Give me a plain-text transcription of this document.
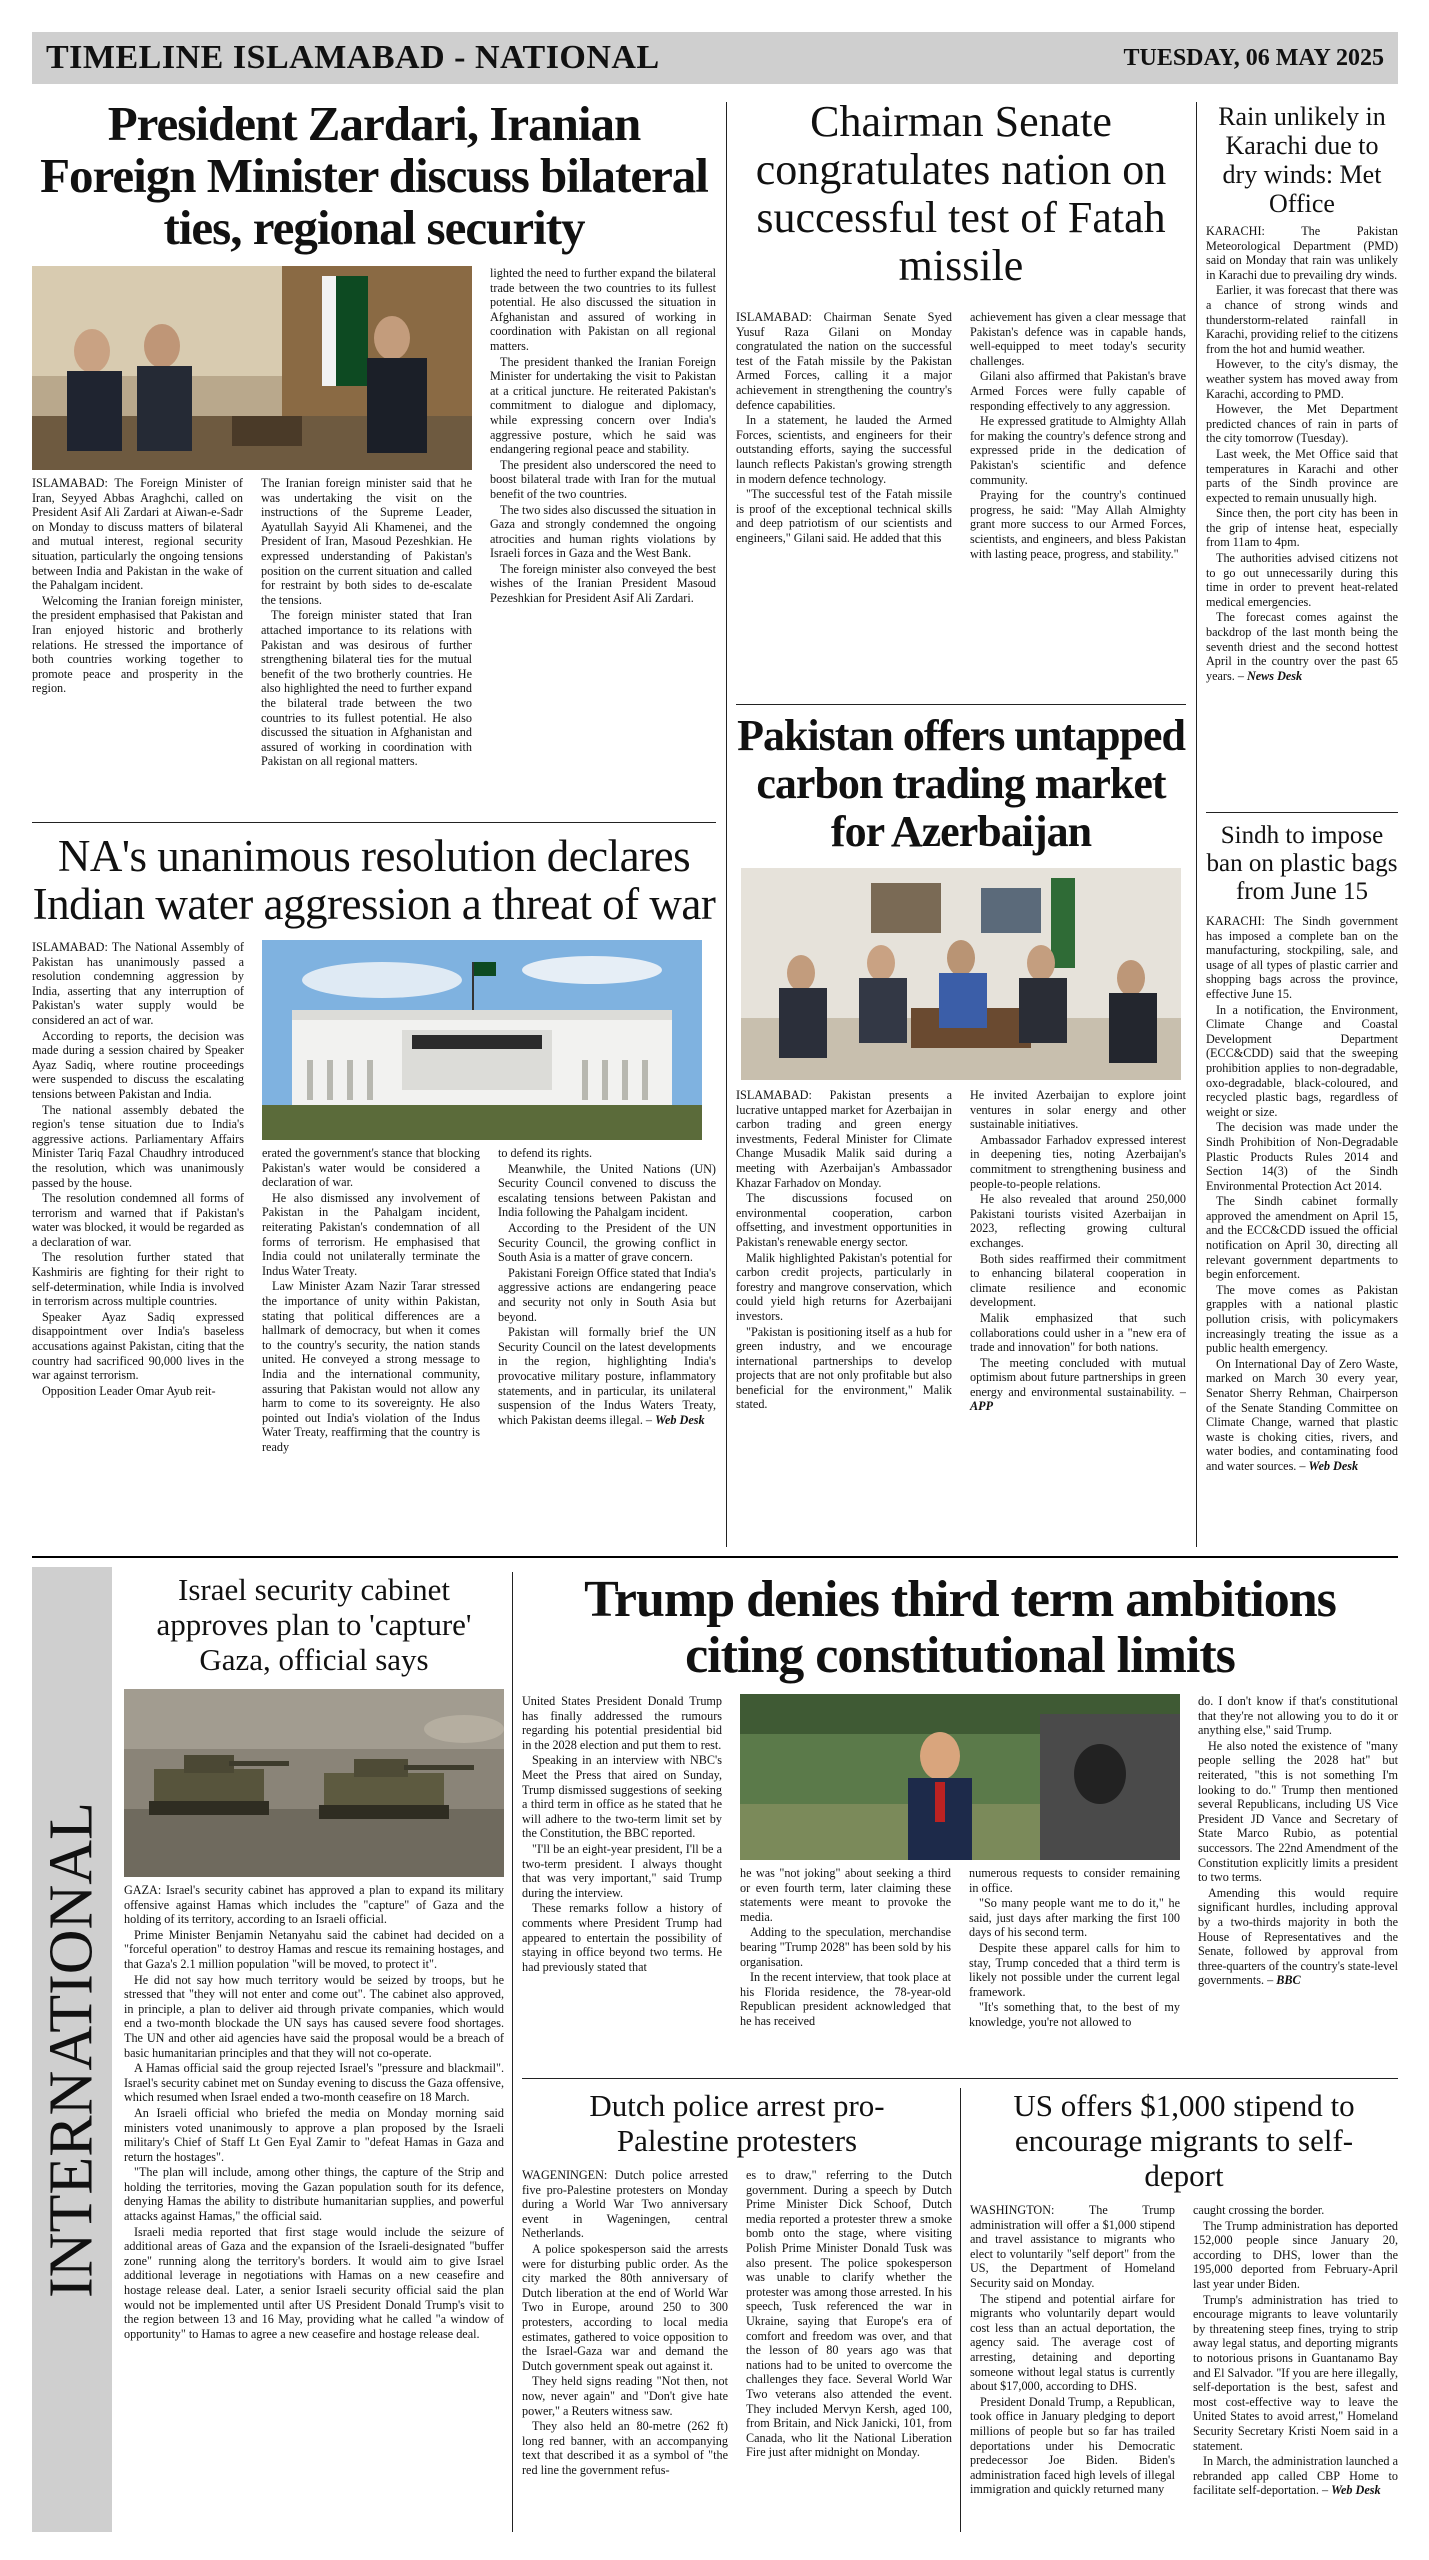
TIMELINE ISLAMABAD - NATIONAL	TUESDAY, 06 MAY 2025
President Zardari, Iranian Foreign Minister discuss bilateral ties, regional security

ISLAMABAD: The Foreign Minister of Iran, Seyyed Abbas Araghchi, called on President Asif Ali Zardari at Aiwan-e-Sadr on Monday to discuss matters of bilateral and mutual interest, regional security situation, particularly the ongoing tensions between India and Pakistan in the wake of the Pahalgam incident.

Welcoming the Iranian foreign minister, the president emphasised that Pakistan and Iran enjoyed historic and brotherly relations. He stressed the importance of both countries working together to promote peace and prosperity in the region.

The Iranian foreign minister said that he was undertaking the visit on the instructions of the Supreme Leader, Ayatullah Sayyid Ali Khamenei, and the President of Iran, Masoud Pezeshkian. He expressed understanding of Pakistan's position on the current situation and called for restraint by both sides to de-escalate the tensions.

The foreign minister stated that Iran attached importance to its relations with Pakistan and was desirous of further strengthening bilateral ties for the mutual benefit of the two brotherly countries. He also highlighted the need to further expand the bilateral trade between the two countries to its fullest potential. He also discussed the situation in Afghanistan and assured of working in coordination with Pakistan on all regional matters.

lighted the need to further expand the bilateral trade between the two countries to its fullest potential. He also discussed the situation in Afghanistan and assured of working in coordination with Pakistan on all regional matters.

The president thanked the Iranian Foreign Minister for undertaking the visit to Pakistan at a critical juncture. He reiterated Pakistan's commitment to dialogue and diplomacy, while expressing concern over India's aggressive posture, which he said was endangering regional peace and stability.

The president also underscored the need to boost bilateral trade with Iran for the mutual benefit of the two countries.

The two sides also discussed the situation in Gaza and strongly condemned the ongoing atrocities and human rights violations by Israeli forces in Gaza and the West Bank.

The foreign minister also conveyed the best wishes of the Iranian President Masoud Pezeshkian for President Asif Ali Zardari.

Chairman Senate congratulates nation on successful test of Fatah missile

ISLAMABAD: Chairman Senate Syed Yusuf Raza Gilani on Monday congratulated the nation on the successful test of the Fatah missile by the Pakistan Armed Forces, calling it a major achievement in strengthening the country's defence capabilities.

In a statement, he lauded the Armed Forces, scientists, and engineers for their outstanding efforts, saying the successful launch reflects Pakistan's growing strength in modern defence technology.

"The successful test of the Fatah missile is proof of the exceptional technical skills and deep patriotism of our scientists and engineers," Gilani said. He added that this

achievement has given a clear message that Pakistan's defence was in capable hands, well-equipped to meet today's security challenges.

Gilani also affirmed that Pakistan's brave Armed Forces were fully capable of responding effectively to any aggression.

He expressed gratitude to Almighty Allah for making the country's defence strong and expressed pride in the dedication of Pakistan's scientific and defence community.

Praying for the country's continued progress, he said: "May Allah Almighty grant more success to our Armed Forces, scientists, and engineers, and bless Pakistan with lasting peace, progress, and stability."

Rain unlikely in Karachi due to dry winds: Met Office

KARACHI: The Pakistan Meteorological Department (PMD) said on Monday that rain was unlikely in Karachi due to prevailing dry winds.

Earlier, it was forecast that there was a chance of strong winds and thunderstorm-related rainfall in Karachi, providing relief to the citizens from the hot and humid weather.

However, to the city's dismay, the weather system has moved away from Karachi, according to PMD.

However, the Met Department predicted chances of rain in parts of the city tomorrow (Tuesday).

Last week, the Met Office said that temperatures in Karachi and other parts of the Sindh province are expected to remain unusually high.

Since then, the port city has been in the grip of intense heat, especially from 11am to 4pm.

The authorities advised citizens not to go out unnecessarily during this time in order to prevent heat-related medical emergencies.

The forecast comes against the backdrop of the last month being the seventh driest and the second hottest April in the country over the past 65 years. – News Desk

Sindh to impose ban on plastic bags from June 15

KARACHI: The Sindh government has imposed a complete ban on the manufacturing, stockpiling, sale, and usage of all types of plastic carrier and shopping bags across the province, effective June 15.

In a notification, the Environment, Climate Change and Coastal Development Department (ECC&CDD) said that the sweeping prohibition applies to non-degradable, oxo-degradable, black-coloured, and recycled plastic bags, regardless of weight or size.

The decision was made under the Sindh Prohibition of Non-Degradable Plastic Products Rules 2014 and Section 14(3) of the Sindh Environmental Protection Act 2014.

The Sindh cabinet formally approved the amendment on April 15, and the ECC&CDD issued the official notification on April 30, directing all relevant government departments to begin enforcement.

The move comes as Pakistan grapples with a national plastic pollution crisis, with policymakers increasingly treating the issue as a public health emergency.

On International Day of Zero Waste, marked on March 30 every year, Senator Sherry Rehman, Chairperson of the Senate Standing Committee on Climate Change, warned that plastic waste is choking cities, rivers, and water bodies, and contaminating food and water sources. – Web Desk

Pakistan offers untapped carbon trading market for Azerbaijan

ISLAMABAD: Pakistan presents a lucrative untapped market for Azerbaijan in carbon trading and green energy investments, Federal Minister for Climate Change Musadik Malik said during a meeting with Azerbaijan's Ambassador Khazar Farhadov on Monday.

The discussions focused on environmental cooperation, carbon offsetting, and investment opportunities in Pakistan's renewable energy sector.

Malik highlighted Pakistan's potential for carbon credit projects, particularly in forestry and mangrove conservation, which could yield high returns for Azerbaijani investors.

"Pakistan is positioning itself as a hub for green industry, and we encourage international partnerships to develop projects that are not only profitable but also beneficial for the environment," Malik stated.

He invited Azerbaijan to explore joint ventures in solar energy and other sustainable initiatives.

Ambassador Farhadov expressed interest in deepening ties, noting Azerbaijan's commitment to strengthening business and people-to-people relations.

He also revealed that around 250,000 Pakistani tourists visited Azerbaijan in 2023, reflecting growing cultural exchanges.

Both sides reaffirmed their commitment to enhancing bilateral cooperation in climate resilience and economic development.

Malik emphasized that such collaborations could usher in a "new era of trade and innovation" for both nations.

The meeting concluded with mutual optimism about future partnerships in green energy and environmental sustainability. – APP

NA's unanimous resolution declares Indian water aggression a threat of war

ISLAMABAD: The National Assembly of Pakistan has unanimously passed a resolution condemning aggression by India, asserting that any interruption of Pakistan's water supply would be considered an act of war.

According to reports, the decision was made during a session chaired by Speaker Ayaz Sadiq, where routine proceedings were suspended to discuss the escalating tensions between Pakistan and India.

The national assembly debated the region's tense situation due to India's aggressive actions. Parliamentary Affairs Minister Tariq Fazal Chaudhry introduced the resolution, which was unanimously passed by the house.

The resolution condemned all forms of terrorism and warned that if Pakistan's water was blocked, it would be regarded as a declaration of war.

The resolution further stated that Kashmiris are fighting for their right to self-determination, while India is involved in terrorism across multiple countries.

Speaker Ayaz Sadiq expressed disappointment over India's baseless accusations against Pakistan, citing that the country had sacrificed 90,000 lives in the war against terrorism.

Opposition Leader Omar Ayub reit-

erated the government's stance that blocking Pakistan's water would be considered a declaration of war.

He also dismissed any involvement of Pakistan in the Pahalgam incident, reiterating Pakistan's condemnation of all forms of terrorism. He emphasised that India could not unilaterally terminate the Indus Water Treaty.

Law Minister Azam Nazir Tarar stressed the importance of unity within Pakistan, stating that political differences are a hallmark of democracy, but when it comes to the country's security, the nation stands united. He conveyed a strong message to India and the international community, assuring that Pakistan would not allow any harm to come to its sovereignty. He also pointed out India's violation of the Indus Water Treaty, reaffirming that the country is ready

to defend its rights.

Meanwhile, the United Nations (UN) Security Council convened to discuss the escalating tensions between Pakistan and India following the Pahalgam incident.

According to the President of the UN Security Council, the growing conflict in South Asia is a matter of grave concern.

Pakistani Foreign Office stated that India's aggressive actions are endangering peace and security not only in South Asia but beyond.

Pakistan will formally brief the UN Security Council on the latest developments in the region, highlighting India's provocative military posture, inflammatory statements, and in particular, its unilateral suspension of the Indus Waters Treaty, which Pakistan deems illegal. – Web Desk

INTERNATIONAL
Israel security cabinet approves plan to 'capture' Gaza, official says

GAZA: Israel's security cabinet has approved a plan to expand its military offensive against Hamas which includes the "capture" of Gaza and the holding of its territory, according to an Israeli official.

Prime Minister Benjamin Netanyahu said the cabinet had decided on a "forceful operation" to destroy Hamas and rescue its remaining hostages, and that Gaza's 2.1 million population "will be moved, to protect it".

He did not say how much territory would be seized by troops, but he stressed that "they will not enter and come out". The cabinet also approved, in principle, a plan to deliver aid through private companies, which would end a two-month blockade the UN says has caused severe food shortages. The UN and other aid agencies have said the proposal would be a breach of basic humanitarian principles and that they will not co-operate.

A Hamas official said the group rejected Israel's "pressure and blackmail". Israel's security cabinet met on Sunday evening to discuss the Gaza offensive, which resumed when Israel ended a two-month ceasefire on 18 March.

An Israeli official who briefed the media on Monday morning said ministers voted unanimously to approve a plan proposed by the Israeli military's Chief of Staff Lt Gen Eyal Zamir to "defeat Hamas in Gaza and return the hostages".

"The plan will include, among other things, the capture of the Strip and holding the territories, moving the Gazan population south for its defence, denying Hamas the ability to distribute humanitarian supplies, and powerful attacks against Hamas," the official said.

Israeli media reported that first stage would include the seizure of additional areas of Gaza and the expansion of the Israeli-designated "buffer zone" running along the territory's borders. It would aim to give Israel additional leverage in negotiations with Hamas on a new ceasefire and hostage release deal. Later, a senior Israeli security official said the plan would not be implemented until after US President Donald Trump's visit to the region between 13 and 16 May, providing what he called "a window of opportunity" to Hamas to agree a new ceasefire and hostage release deal.

Trump denies third term ambitions citing constitutional limits

United States President Donald Trump has finally addressed the rumours regarding his potential presidential bid in the 2028 election and put them to rest.

Speaking in an interview with NBC's Meet the Press that aired on Sunday, Trump dismissed suggestions of seeking a third term in office as he stated that he will adhere to the two-term limit set by the Constitution, the BBC reported.

"I'll be an eight-year president, I'll be a two-term president. I always thought that was very important," said Trump during the interview.

These remarks follow a history of comments where President Trump had appeared to entertain the possibility of staying in office beyond two terms. He had previously stated that

he was "not joking" about seeking a third or even fourth term, later claiming these statements were meant to provoke the media.

Adding to the speculation, merchandise bearing "Trump 2028" has been sold by his organisation.

In the recent interview, that took place at his Florida residence, the 78-year-old Republican president acknowledged that he has received

numerous requests to consider remaining in office.

"So many people want me to do it," he said, just days after marking the first 100 days of his second term.

Despite these apparel calls for him to stay, Trump conceded that a third term is likely not possible under the current legal framework.

"It's something that, to the best of my knowledge, you're not allowed to

do. I don't know if that's constitutional that they're not allowing you to do it or anything else," said Trump.

He also noted the existence of "many people selling the 2028 hat" but reiterated, "this is not something I'm looking to do." Trump then mentioned several Republicans, including US Vice President JD Vance and Secretary of State Marco Rubio, as potential successors. The 22nd Amendment of the Constitution explicitly limits a president to two terms.

Amending this would require significant hurdles, including approval by a two-thirds majority in both the House of Representatives and the Senate, followed by approval from three-quarters of the country's state-level governments. – BBC

Dutch police arrest pro-Palestine protesters

WAGENINGEN: Dutch police arrested five pro-Palestine protesters on Monday during a World War Two anniversary event in Wageningen, central Netherlands.

A police spokesperson said the arrests were for disturbing public order. As the city marked the 80th anniversary of Dutch liberation at the end of World War Two in Europe, around 250 to 300 protesters, according to local media estimates, gathered to voice opposition to the Israel-Gaza war and demand the Dutch government speak out against it.

They held signs reading "Not then, not now, never again" and "Don't give hate power," a Reuters witness saw.

They also held an 80-metre (262 ft) long red banner, with an accompanying text that described it as a symbol of "the red line the government refus-

es to draw," referring to the Dutch government. During a speech by Dutch Prime Minister Dick Schoof, Dutch media reported a protester threw a smoke bomb onto the stage, where visiting Polish Prime Minister Donald Tusk was also present. The police spokesperson was unable to clarify whether the protester was among those arrested. In his speech, Tusk referenced the war in Ukraine, saying that Europe's era of comfort and freedom was over, and that the lesson of 80 years ago was that nations had to be united to overcome the challenges they face. Several World War Two veterans also attended the event. They included Mervyn Kersh, aged 100, from Britain, and Nick Janicki, 101, from Canada, who lit the National Liberation Fire just after midnight on Monday.

US offers $1,000 stipend to encourage migrants to self-deport

WASHINGTON: The Trump administration will offer a $1,000 stipend and travel assistance to migrants who elect to voluntarily "self deport" from the US, the Department of Homeland Security said on Monday.

The stipend and potential airfare for migrants who voluntarily depart would cost less than an actual deportation, the agency said. The average cost of arresting, detaining and deporting someone without legal status is currently about $17,000, according to DHS.

President Donald Trump, a Republican, took office in January pledging to deport millions of people but so far has trailed deportations under his Democratic predecessor Joe Biden. Biden's administration faced high levels of illegal immigration and quickly returned many

caught crossing the border.

The Trump administration has deported 152,000 people since January 20, according to DHS, lower than the 195,000 deported from February-April last year under Biden.

Trump's administration has tried to encourage migrants to leave voluntarily by threatening steep fines, trying to strip away legal status, and deporting migrants to notorious prisons in Guantanamo Bay and El Salvador. "If you are here illegally, self-deportation is the best, safest and most cost-effective way to leave the United States to avoid arrest," Homeland Security Secretary Kristi Noem said in a statement.

In March, the administration launched a rebranded app called CBP Home to facilitate self-deportation. – Web Desk
